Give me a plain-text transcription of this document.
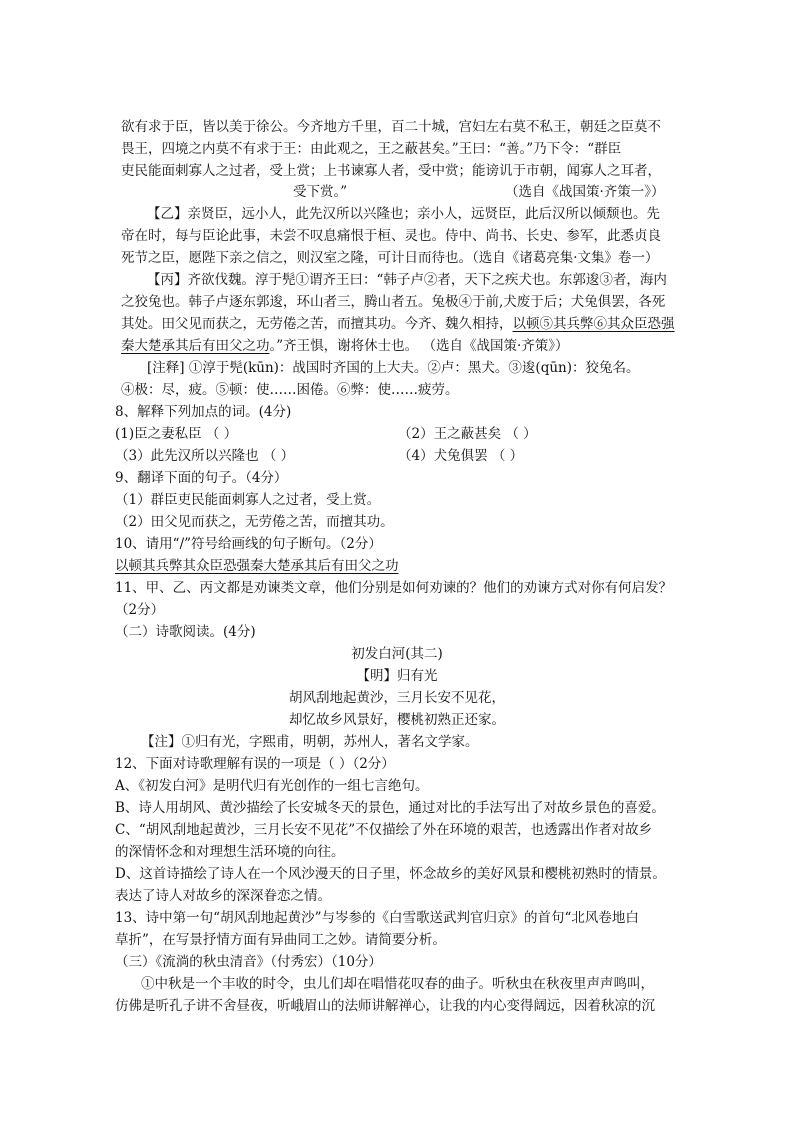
欲有求于臣，皆以美于徐公。今齐地方千里，百二十城，宫妇左右莫不私王，朝廷之臣莫不
畏王，四境之内莫不有求于王：由此观之，王之蔽甚矣。”王曰：“善。”乃下令：“群臣
吏民能面刺寡人之过者，受上赏；上书谏寡人者，受中赏；能谤讥于市朝，闻寡人之耳者，
受下赏。”	（选自《战国策·齐策一》）
【乙】亲贤臣，远小人，此先汉所以兴隆也；亲小人，远贤臣，此后汉所以倾颓也。先
帝在时，每与臣论此事，未尝不叹息痛恨于桓、灵也。侍中、尚书、长史、参军，此悉贞良
死节之臣，愿陛下亲之信之，则汉室之隆，可计日而待也。（选自《诸葛亮集·文集》卷一）
【丙】齐欲伐魏。淳于髡①谓齐王曰：“韩子卢②者，天下之疾犬也。东郭逡③者，海内
之狡兔也。韩子卢逐东郭逡，环山者三，腾山者五。兔极④于前,犬废于后；犬兔俱罢，各死
其处。田父见而获之，无劳倦之苦，而擅其功。今齐、魏久相持，以顿⑤其兵弊⑥其众臣恐强
秦大楚承其后有田父之功。”齐王惧，谢将休士也。 （选自《战国策·齐策》）
[注释] ①淳于髡(kūn)：战国时齐国的上大夫。②卢：黑犬。③逡(qūn)：狡兔名。
④极：尽，疲。⑤顿：使……困倦。⑥弊：使……疲劳。
8、解释下列加点的词。(4分)
(1)臣之妻私臣 （ ）	（2）王之蔽甚矣 （ ）
（3）此先汉所以兴隆也 （ ）	（4）犬兔俱罢 （ ）
9、翻译下面的句子。（4分）
（1）群臣吏民能面刺寡人之过者，受上赏。
（2）田父见而获之，无劳倦之苦，而擅其功。
10、请用“/”符号给画线的句子断句。（2分）
以顿其兵弊其众臣恐强秦大楚承其后有田父之功
11、甲、乙、丙文都是劝谏类文章，他们分别是如何劝谏的？他们的劝谏方式对你有何启发？
（2分）
（二）诗歌阅读。(4分)
初发白河(其二)
【明】归有光
胡风刮地起黄沙，三月长安不见花，
却忆故乡风景好，樱桃初熟正还家。
【注】①归有光，字熙甫，明朝，苏州人，著名文学家。
12、下面对诗歌理解有误的一项是（ ）（2分）
A、《初发白河》是明代归有光创作的一组七言绝句。
B、诗人用胡风、黄沙描绘了长安城冬天的景色，通过对比的手法写出了对故乡景色的喜爱。
C、“胡风刮地起黄沙，三月长安不见花”不仅描绘了外在环境的艰苦，也透露出作者对故乡
的深情怀念和对理想生活环境的向往。
D、这首诗描绘了诗人在一个风沙漫天的日子里，怀念故乡的美好风景和樱桃初熟时的情景。
表达了诗人对故乡的深深眷恋之情。
13、诗中第一句“胡风刮地起黄沙”与岑参的《白雪歌送武判官归京》的首句“北风卷地白
草折”，在写景抒情方面有异曲同工之妙。请简要分析。
（三）《流淌的秋虫清音》（付秀宏）（10分）
①中秋是一个丰收的时令，虫儿们却在唱惜花叹春的曲子。听秋虫在秋夜里声声鸣叫，
仿佛是听孔子讲不舍昼夜，听峨眉山的法师讲解禅心，让我的内心变得阔远，因着秋凉的沉
